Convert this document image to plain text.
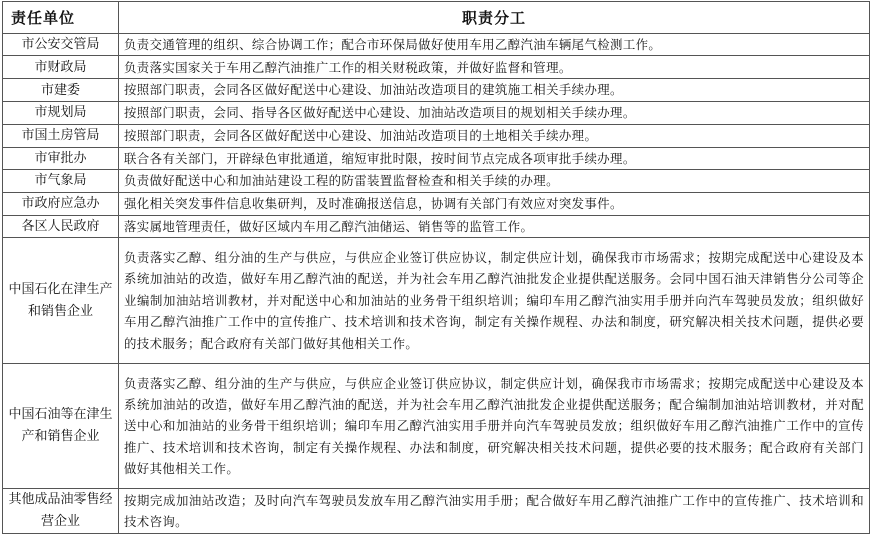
责任单位	职责分工
市公安交管局	负责交通管理的组织、综合协调工作；配合市环保局做好使用车用乙醇汽油车辆尾气检测工作。
市财政局	负责落实国家关于车用乙醇汽油推广工作的相关财税政策，并做好监督和管理。
市建委	按照部门职责，会同各区做好配送中心建设、加油站改造项目的建筑施工相关手续办理。
市规划局	按照部门职责，会同、指导各区做好配送中心建设、加油站改造项目的规划相关手续办理。
市国土房管局	按照部门职责，会同各区做好配送中心建设、加油站改造项目的土地相关手续办理。
市审批办	联合各有关部门，开辟绿色审批通道，缩短审批时限，按时间节点完成各项审批手续办理。
市气象局	负责做好配送中心和加油站建设工程的防雷装置监督检查和相关手续的办理。
市政府应急办	强化相关突发事件信息收集研判，及时准确报送信息，协调有关部门有效应对突发事件。
各区人民政府	落实属地管理责任，做好区域内车用乙醇汽油储运、销售等的监管工作。
中国石化在津生产和销售企业	负责落实乙醇、组分油的生产与供应，与供应企业签订供应协议，制定供应计划，确保我市市场需求；按期完成配送中心建设及本系统加油站的改造，做好车用乙醇汽油的配送，并为社会车用乙醇汽油批发企业提供配送服务。会同中国石油天津销售分公司等企业编制加油站培训教材，并对配送中心和加油站的业务骨干组织培训；编印车用乙醇汽油实用手册并向汽车驾驶员发放；组织做好车用乙醇汽油推广工作中的宣传推广、技术培训和技术咨询，制定有关操作规程、办法和制度，研究解决相关技术问题，提供必要的技术服务；配合政府有关部门做好其他相关工作。
中国石油等在津生产和销售企业	负责落实乙醇、组分油的生产与供应，与供应企业签订供应协议，制定供应计划，确保我市市场需求；按期完成配送中心建设及本系统加油站的改造，做好车用乙醇汽油的配送，并为社会车用乙醇汽油批发企业提供配送服务；配合编制加油站培训教材，并对配送中心和加油站的业务骨干组织培训；编印车用乙醇汽油实用手册并向汽车驾驶员发放；组织做好车用乙醇汽油推广工作中的宣传推广、技术培训和技术咨询，制定有关操作规程、办法和制度，研究解决相关技术问题，提供必要的技术服务；配合政府有关部门做好其他相关工作。
其他成品油零售经营企业	按期完成加油站改造；及时向汽车驾驶员发放车用乙醇汽油实用手册；配合做好车用乙醇汽油推广工作中的宣传推广、技术培训和技术咨询。
